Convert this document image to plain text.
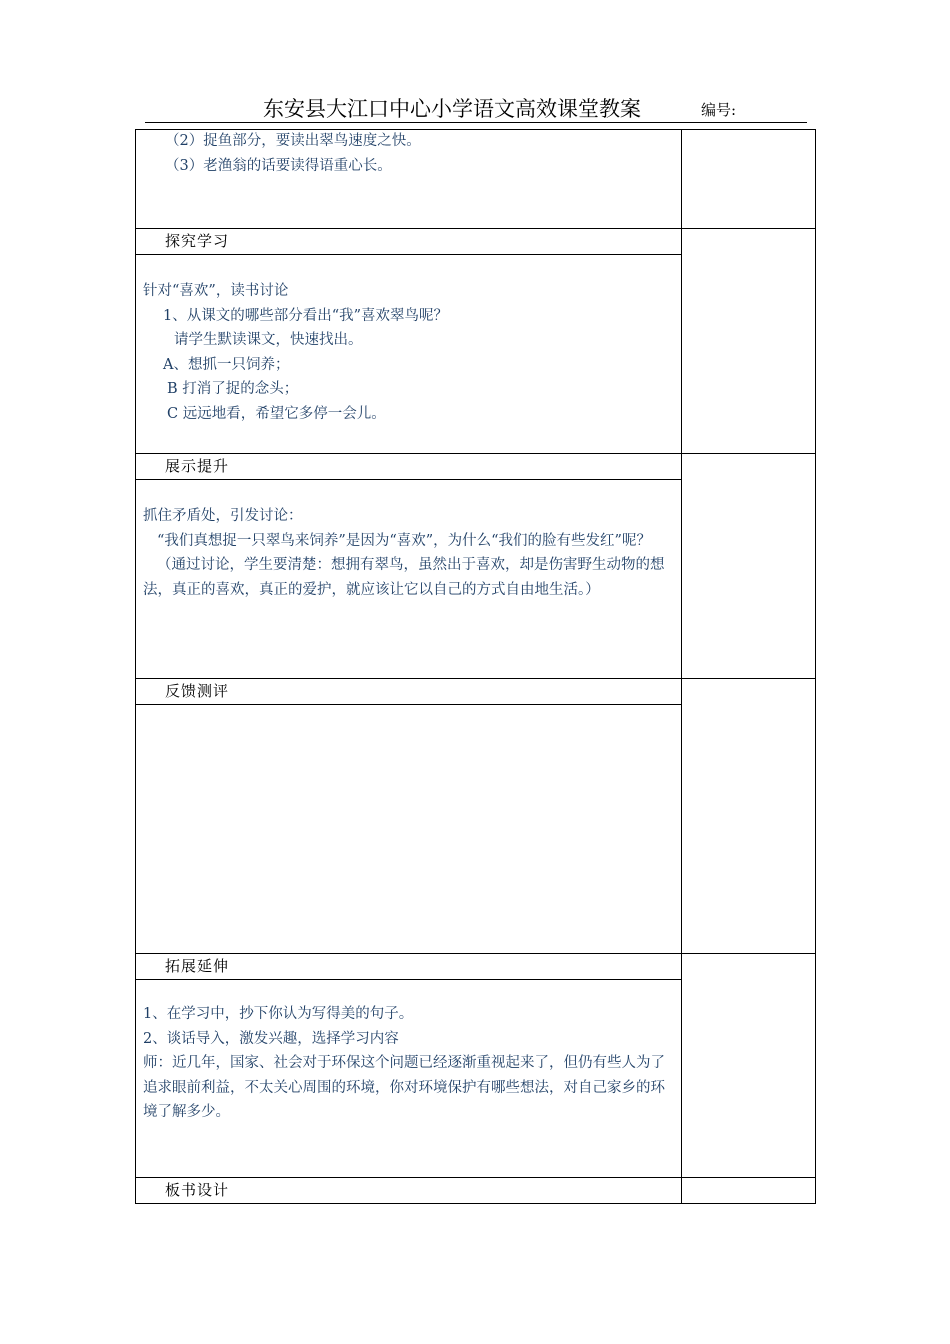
东安县大江口中心小学语文高效课堂教案	编号:
（2）捉鱼部分，要读出翠鸟速度之快。
（3）老渔翁的话要读得语重心长。
探究学习
针对“喜欢”，读书讨论
1、从课文的哪些部分看出“我”喜欢翠鸟呢？
请学生默读课文，快速找出。
A、想抓一只饲养；
B 打消了捉的念头；
C 远远地看，希望它多停一会儿。
展示提升
抓住矛盾处，引发讨论：
“我们真想捉一只翠鸟来饲养”是因为“喜欢”，为什么“我们的脸有些发红”呢？
（通过讨论，学生要清楚：想拥有翠鸟，虽然出于喜欢，却是伤害野生动物的想法，真正的喜欢，真正的爱护，就应该让它以自己的方式自由地生活。）
反馈测评
拓展延伸
1、在学习中，抄下你认为写得美的句子。
2、谈话导入，激发兴趣，选择学习内容
师：近几年，国家、社会对于环保这个问题已经逐渐重视起来了，但仍有些人为了追求眼前利益，不太关心周围的环境，你对环境保护有哪些想法，对自己家乡的环境了解多少。
板书设计
